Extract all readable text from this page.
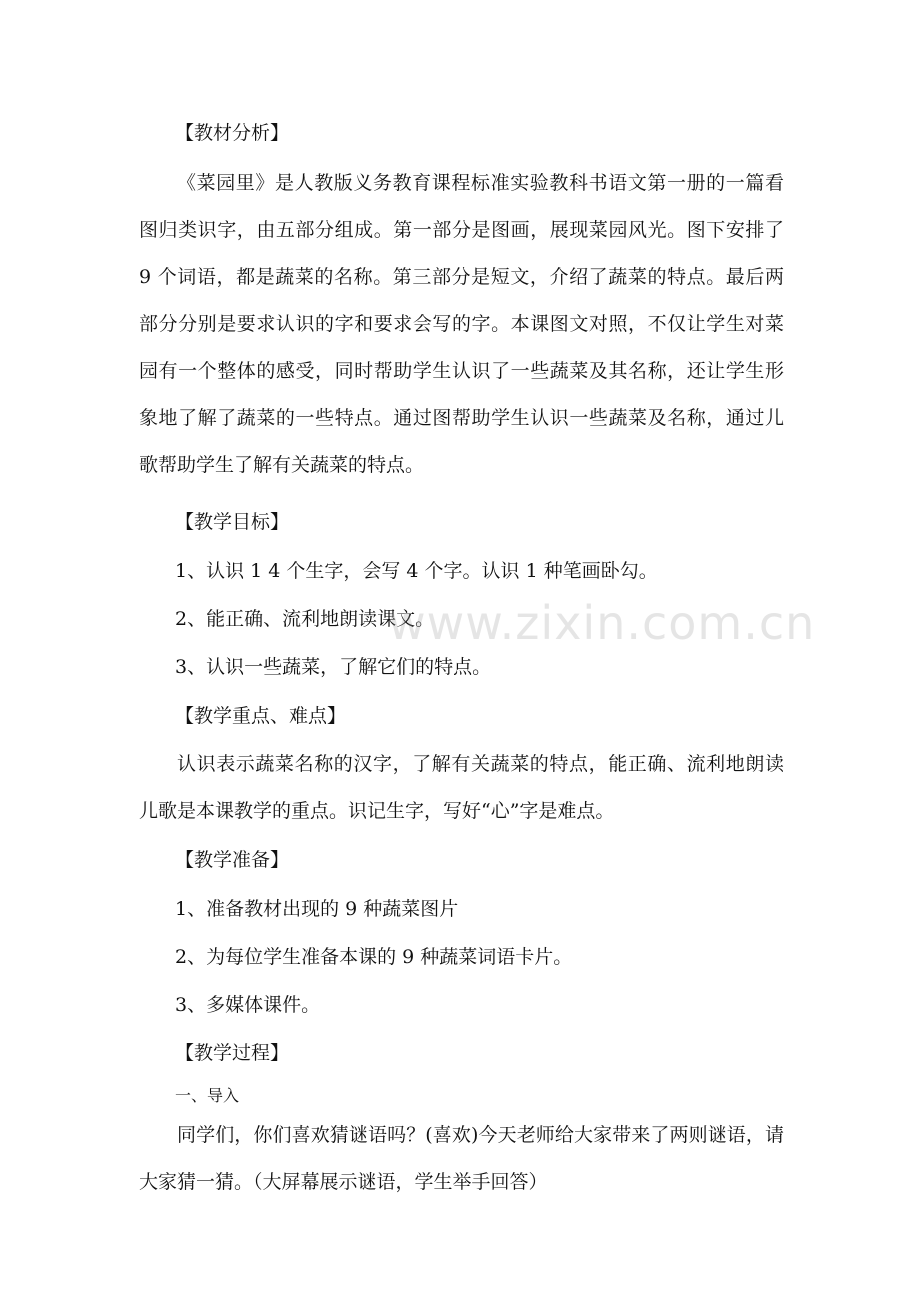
【教材分析】
《菜园里》是人教版义务教育课程标准实验教科书语文第一册的一篇看图归类识字，由五部分组成。第一部分是图画，展现菜园风光。图下安排了 9 个词语，都是蔬菜的名称。第三部分是短文，介绍了蔬菜的特点。最后两部分分别是要求认识的字和要求会写的字。本课图文对照，不仅让学生对菜园有一个整体的感受，同时帮助学生认识了一些蔬菜及其名称，还让学生形象地了解了蔬菜的一些特点。通过图帮助学生认识一些蔬菜及名称，通过儿歌帮助学生了解有关蔬菜的特点。
【教学目标】
1、认识 1 4 个生字，会写 4 个字。认识 1 种笔画卧勾。
2、能正确、流利地朗读课文。
3、认识一些蔬菜，了解它们的特点。
【教学重点、难点】
认识表示蔬菜名称的汉字，了解有关蔬菜的特点，能正确、流利地朗读儿歌是本课教学的重点。识记生字，写好“心”字是难点。
【教学准备】
1、准备教材出现的 9 种蔬菜图片
2、为每位学生准备本课的 9 种蔬菜词语卡片。
3、多媒体课件。
【教学过程】
一、导入
同学们，你们喜欢猜谜语吗？(喜欢)今天老师给大家带来了两则谜语，请大家猜一猜。（大屏幕展示谜语，学生举手回答）
www.zixin.com.cn
